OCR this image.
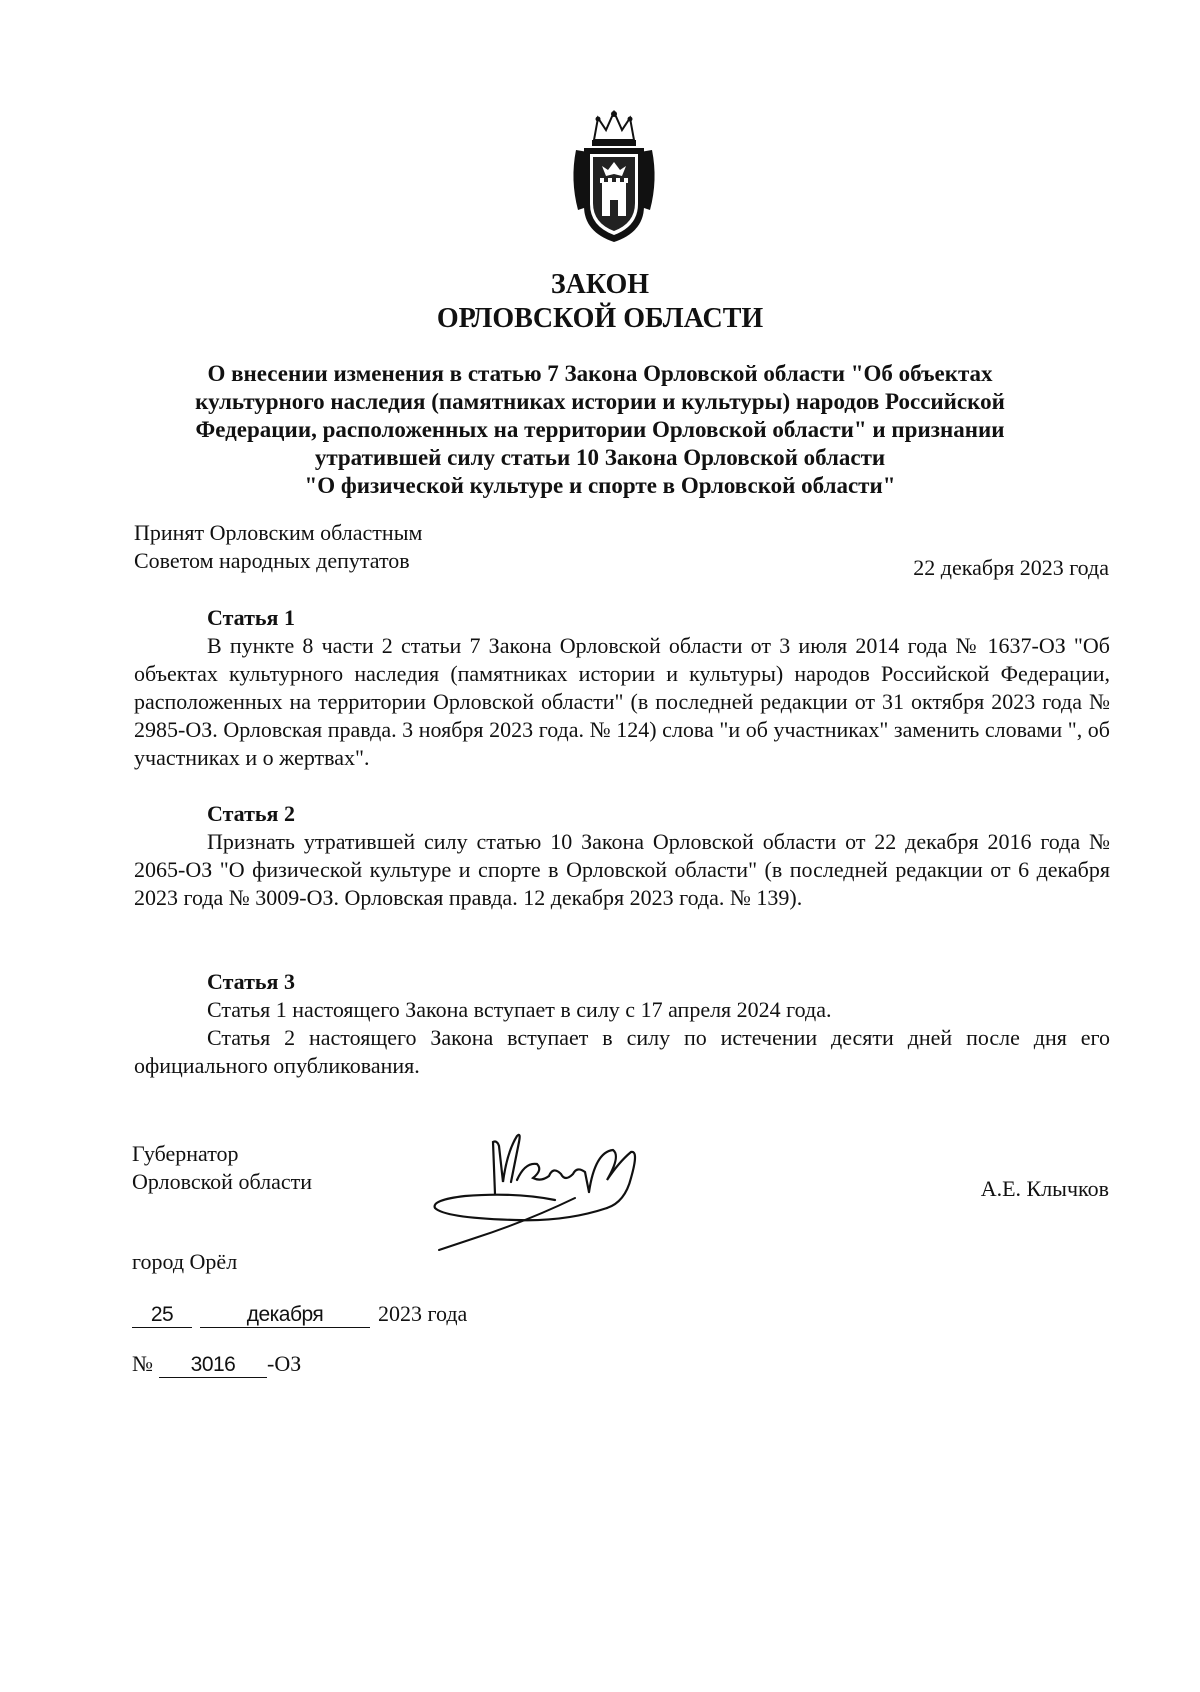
ЗАКОН
ОРЛОВСКОЙ ОБЛАСТИ
О внесении изменения в статью 7 Закона Орловской области "Об объектах
культурного наследия (памятниках истории и культуры) народов Российской
Федерации, расположенных на территории Орловской области" и признании
утратившей силу статьи 10 Закона Орловской области
"О физической культуре и спорте в Орловской области"
Принят Орловским областным
Советом народных депутатов	22 декабря 2023 года
Статья 1

В пункте 8 части 2 статьи 7 Закона Орловской области от 3 июля 2014 года № 1637-ОЗ "Об объектах культурного наследия (памятниках истории и культуры) народов Российской Федерации, расположенных на территории Орловской области" (в последней редакции от 31 октября 2023 года № 2985-ОЗ. Орловская правда. 3 ноября 2023 года. № 124) слова "и об участниках" заменить словами ", об участниках и о жертвах".

Статья 2

Признать утратившей силу статью 10 Закона Орловской области от 22 декабря 2016 года № 2065-ОЗ "О физической культуре и спорте в Орловской области" (в последней редакции от 6 декабря 2023 года № 3009-ОЗ. Орловская правда. 12 декабря 2023 года. № 139).

Статья 3

Статья 1 настоящего Закона вступает в силу с 17 апреля 2024 года.

Статья 2 настоящего Закона вступает в силу по истечении десяти дней после дня его официального опубликования.

Губернатор
Орловской области	А.Е. Клычков
город Орёл
25	декабря 2023 года
№ 3016 -ОЗ
